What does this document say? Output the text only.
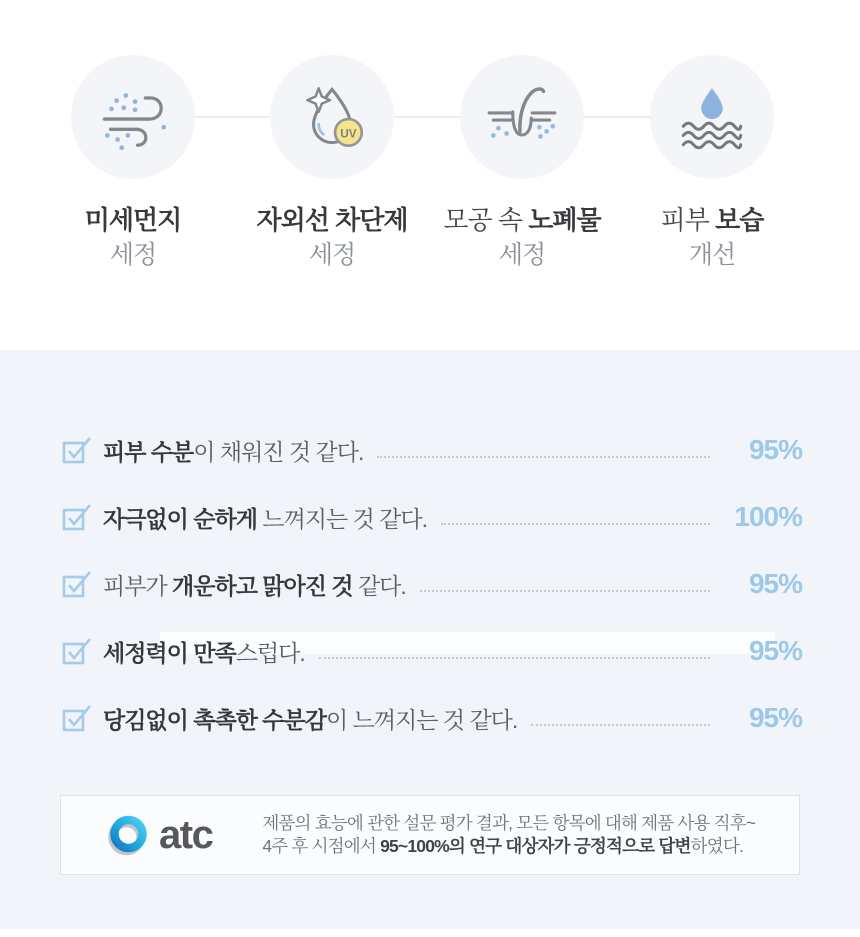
미세먼지
세정
UV
자외선 차단제
세정
모공 속 노폐물
세정
피부 보습
개선
피부 수분이 채워진 것 같다.	95%
자극없이 순하게 느껴지는 것 같다.	100%
피부가 개운하고 맑아진 것 같다.	95%
세정력이 만족스럽다.	95%
당김없이 촉촉한 수분감이 느껴지는 것 같다.	95%
atc	제품의 효능에 관한 설문 평가 결과, 모든 항목에 대해 제품 사용 직후~
4주 후 시점에서 95~100%의 연구 대상자가 긍정적으로 답변하였다.
